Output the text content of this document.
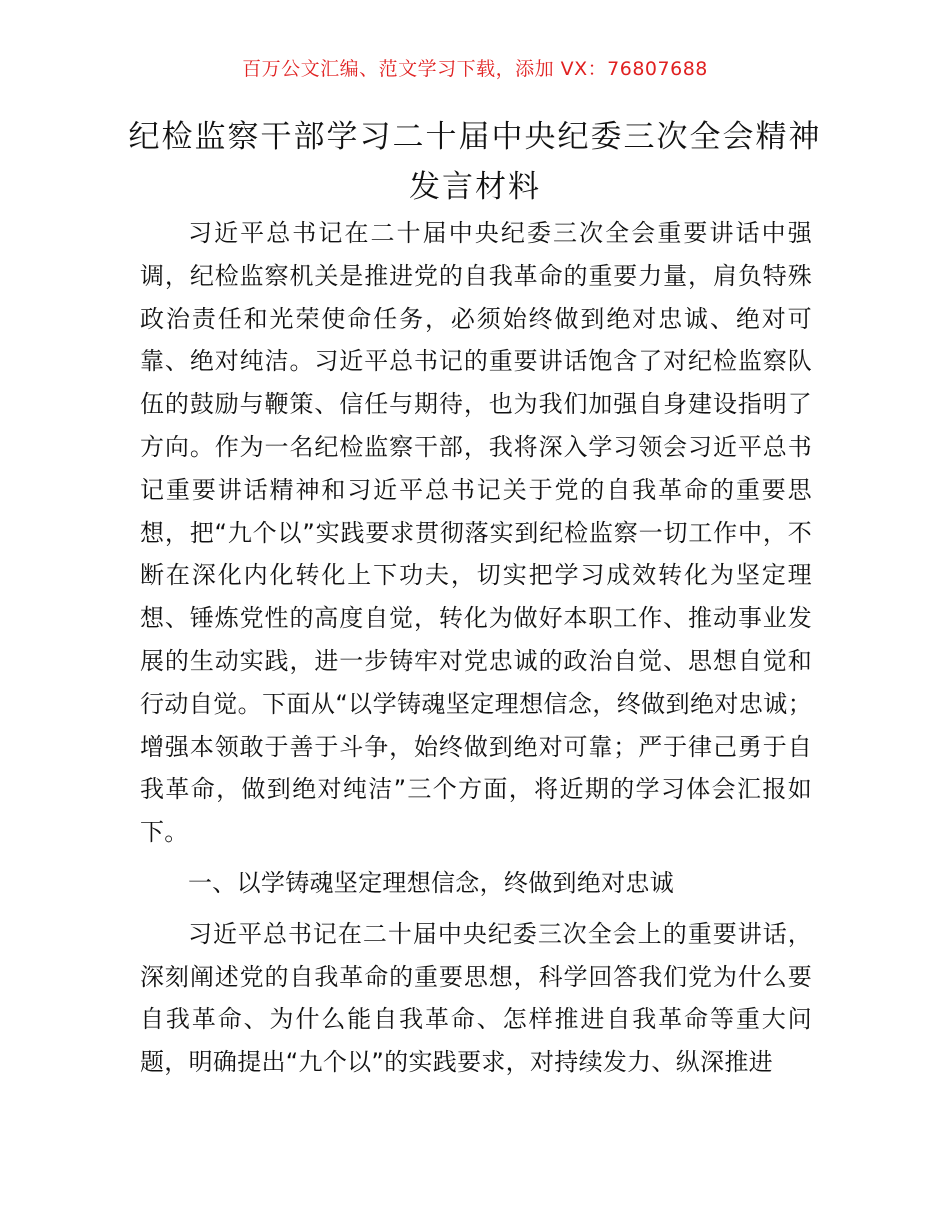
百万公文汇编、范文学习下载，添加 VX：76807688
纪检监察干部学习二十届中央纪委三次全会精神发言材料

习近平总书记在二十届中央纪委三次全会重要讲话中强调，纪检监察机关是推进党的自我革命的重要力量，肩负特殊政治责任和光荣使命任务，必须始终做到绝对忠诚、绝对可靠、绝对纯洁。习近平总书记的重要讲话饱含了对纪检监察队伍的鼓励与鞭策、信任与期待，也为我们加强自身建设指明了方向。作为一名纪检监察干部，我将深入学习领会习近平总书记重要讲话精神和习近平总书记关于党的自我革命的重要思想，把“九个以”实践要求贯彻落实到纪检监察一切工作中，不断在深化内化转化上下功夫，切实把学习成效转化为坚定理想、锤炼党性的高度自觉，转化为做好本职工作、推动事业发展的生动实践，进一步铸牢对党忠诚的政治自觉、思想自觉和行动自觉。下面从“以学铸魂坚定理想信念，终做到绝对忠诚；增强本领敢于善于斗争，始终做到绝对可靠；严于律己勇于自我革命，做到绝对纯洁”三个方面，将近期的学习体会汇报如下。

一、以学铸魂坚定理想信念，终做到绝对忠诚

习近平总书记在二十届中央纪委三次全会上的重要讲话，深刻阐述党的自我革命的重要思想，科学回答我们党为什么要自我革命、为什么能自我革命、怎样推进自我革命等重大问题，明确提出“九个以”的实践要求，对持续发力、纵深推进
